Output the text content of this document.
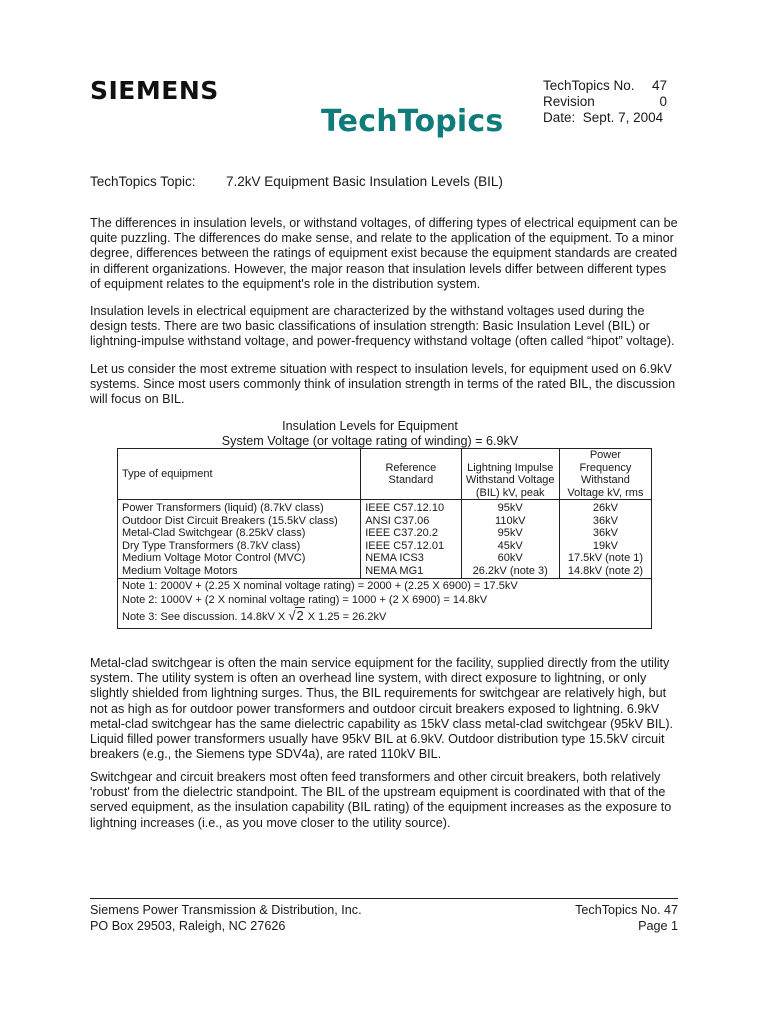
SIEMENS	TechTopics No. 47
Revision	0
Date:
Sept. 7, 2004
TechTopics
TechTopics Topic: 7.2kV Equipment Basic Insulation Levels (BIL)

The differences in insulation levels, or withstand voltages, of differing types of electrical equipment can be quite puzzling. The differences do make sense, and relate to the application of the equipment. To a minor degree, differences between the ratings of equipment exist because the equipment standards are created in different organizations. However, the major reason that insulation levels differ between different types of equipment relates to the equipment's role in the distribution system.

Insulation levels in electrical equipment are characterized by the withstand voltages used during the design tests. There are two basic classifications of insulation strength: Basic Insulation Level (BIL) or lightning-impulse withstand voltage, and power-frequency withstand voltage (often called “hipot” voltage).

Let us consider the most extreme situation with respect to insulation levels, for equipment used on 6.9kV systems. Since most users commonly think of insulation strength in terms of the rated BIL, the discussion will focus on BIL.

Insulation Levels for Equipment
System Voltage (or voltage rating of winding) = 6.9kV
Type of equipment	Reference Standard	Lightning Impulse Withstand Voltage (BIL) kV, peak	Power Frequency Withstand Voltage kV, rms
Power Transformers (liquid) (8.7kV class)	IEEE C57.12.10	95kV	26kV
Outdoor Dist Circuit Breakers (15.5kV class)	ANSI C37.06	110kV	36kV
Metal-Clad Switchgear (8.25kV class)	IEEE C37.20.2	95kV	36kV
Dry Type Transformers (8.7kV class)	IEEE C57.12.01	45kV	19kV
Medium Voltage Motor Control (MVC)	NEMA ICS3	60kV	17.5kV (note 1)
Medium Voltage Motors	NEMA MG1	26.2kV (note 3)	14.8kV (note 2)
Note 1: 2000V + (2.25 X nominal voltage rating) = 2000 + (2.25 X 6900) = 17.5kV			
Note 2: 1000V + (2 X nominal voltage rating) = 1000 + (2 X 6900) = 14.8kV			
Note 3: See discussion. 14.8kV X √2 X 1.25 = 26.2kV			

Metal-clad switchgear is often the main service equipment for the facility, supplied directly from the utility system. The utility system is often an overhead line system, with direct exposure to lightning, or only slightly shielded from lightning surges. Thus, the BIL requirements for switchgear are relatively high, but not as high as for outdoor power transformers and outdoor circuit breakers exposed to lightning. 6.9kV metal-clad switchgear has the same dielectric capability as 15kV class metal-clad switchgear (95kV BIL). Liquid filled power transformers usually have 95kV BIL at 6.9kV. Outdoor distribution type 15.5kV circuit breakers (e.g., the Siemens type SDV4a), are rated 110kV BIL.

Switchgear and circuit breakers most often feed transformers and other circuit breakers, both relatively 'robust' from the dielectric standpoint. The BIL of the upstream equipment is coordinated with that of the served equipment, as the insulation capability (BIL rating) of the equipment increases as the exposure to lightning increases (i.e., as you move closer to the utility source).

Siemens Power Transmission & Distribution, Inc.
PO Box 29503, Raleigh, NC 27626
TechTopics No. 47
Page 1
